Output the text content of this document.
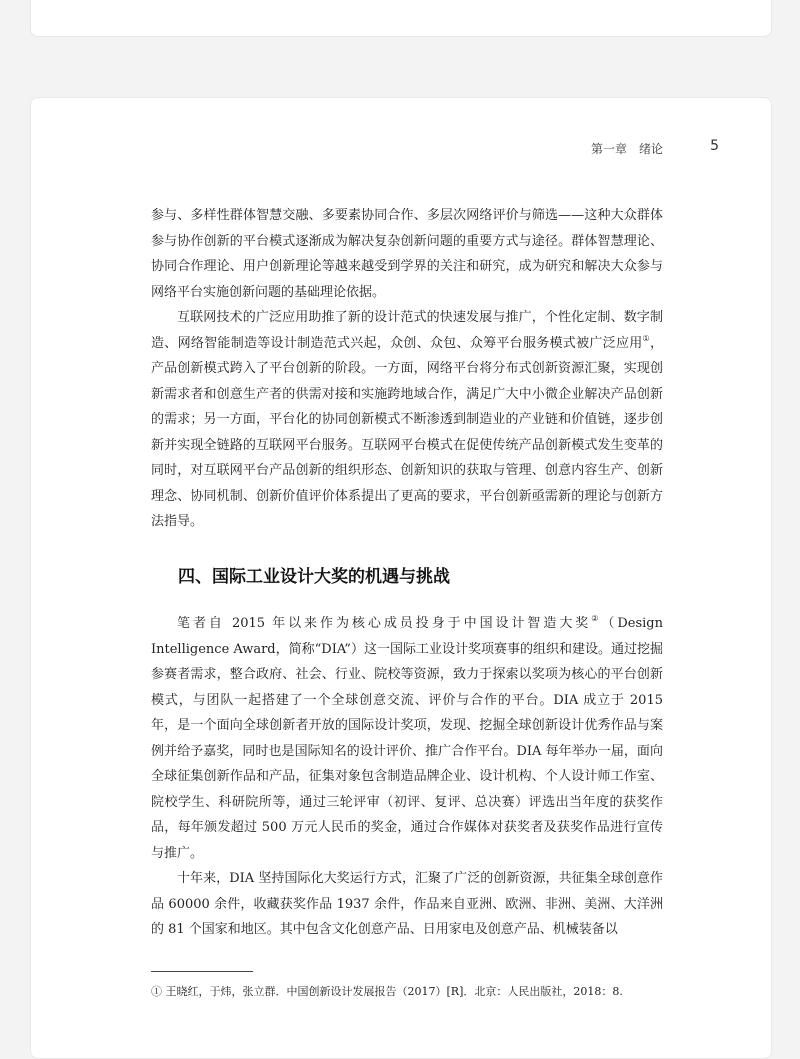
第一章　绪论	5

参与、多样性群体智慧交融、多要素协同合作、多层次网络评价与筛选——这种大众群体参与协作创新的平台模式逐渐成为解决复杂创新问题的重要方式与途径。群体智慧理论、协同合作理论、用户创新理论等越来越受到学界的关注和研究，成为研究和解决大众参与网络平台实施创新问题的基础理论依据。

互联网技术的广泛应用助推了新的设计范式的快速发展与推广，个性化定制、数字制造、网络智能制造等设计制造范式兴起，众创、众包、众筹平台服务模式被广泛应用①，产品创新模式跨入了平台创新的阶段。一方面，网络平台将分布式创新资源汇聚，实现创新需求者和创意生产者的供需对接和实施跨地域合作，满足广大中小微企业解决产品创新的需求；另一方面，平台化的协同创新模式不断渗透到制造业的产业链和价值链，逐步创新并实现全链路的互联网平台服务。互联网平台模式在促使传统产品创新模式发生变革的同时，对互联网平台产品创新的组织形态、创新知识的获取与管理、创意内容生产、创新理念、协同机制、创新价值评价体系提出了更高的要求，平台创新亟需新的理论与创新方法指导。

四、国际工业设计大奖的机遇与挑战

笔者自 2015 年以来作为核心成员投身于中国设计智造大奖②（Design Intelligence Award，简称“DIA”）这一国际工业设计奖项赛事的组织和建设。通过挖掘参赛者需求，整合政府、社会、行业、院校等资源，致力于探索以奖项为核心的平台创新模式，与团队一起搭建了一个全球创意交流、评价与合作的平台。DIA 成立于 2015 年，是一个面向全球创新者开放的国际设计奖项，发现、挖掘全球创新设计优秀作品与案例并给予嘉奖，同时也是国际知名的设计评价、推广合作平台。DIA 每年举办一届，面向全球征集创新作品和产品，征集对象包含制造品牌企业、设计机构、个人设计师工作室、院校学生、科研院所等，通过三轮评审（初评、复评、总决赛）评选出当年度的获奖作品，每年颁发超过 500 万元人民币的奖金，通过合作媒体对获奖者及获奖作品进行宣传与推广。

十年来，DIA 坚持国际化大奖运行方式，汇聚了广泛的创新资源，共征集全球创意作品 60000 余件，收藏获奖作品 1937 余件，作品来自亚洲、欧洲、非洲、美洲、大洋洲的 81 个国家和地区。其中包含文化创意产品、日用家电及创意产品、机械装备以

① 王晓红，于炜，张立群．中国创新设计发展报告（2017）[R]．北京：人民出版社，2018：8.
